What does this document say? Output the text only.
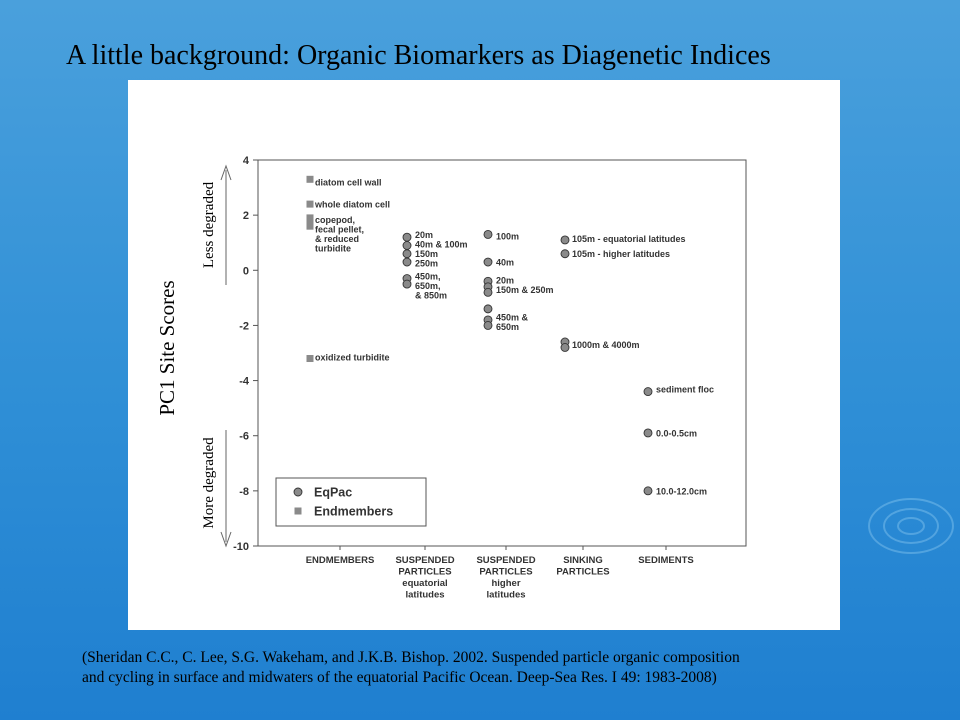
A little background: Organic Biomarkers as Diagenetic Indices
4
2
0
-2
-4
-6
-8
-10
ENDMEMBERS SUSPENDED PARTICLES equatorial latitudes
SUSPENDED PARTICLES higher latitudes
SINKING PARTICLES
SEDIMENTS
PC1 Site Scores
Less degraded
More degraded
diatom cell wall
whole diatom cell
copepod, fecal pellet, & reduced turbidite
oxidized turbidite
20m 40m & 100m 150m 250m
450m, 650m, & 850m
100m
40m
20m 150m & 250m
450m & 650m
105m - equatorial latitudes
105m - higher latitudes
1000m & 4000m
sediment floc
0.0-0.5cm
10.0-12.0cm
EqPac
Endmembers
(Sheridan C.C., C. Lee, S.G. Wakeham, and J.K.B. Bishop. 2002. Suspended particle organic composition
and cycling in surface and midwaters of the equatorial Pacific Ocean. Deep-Sea Res. I 49: 1983-2008)
